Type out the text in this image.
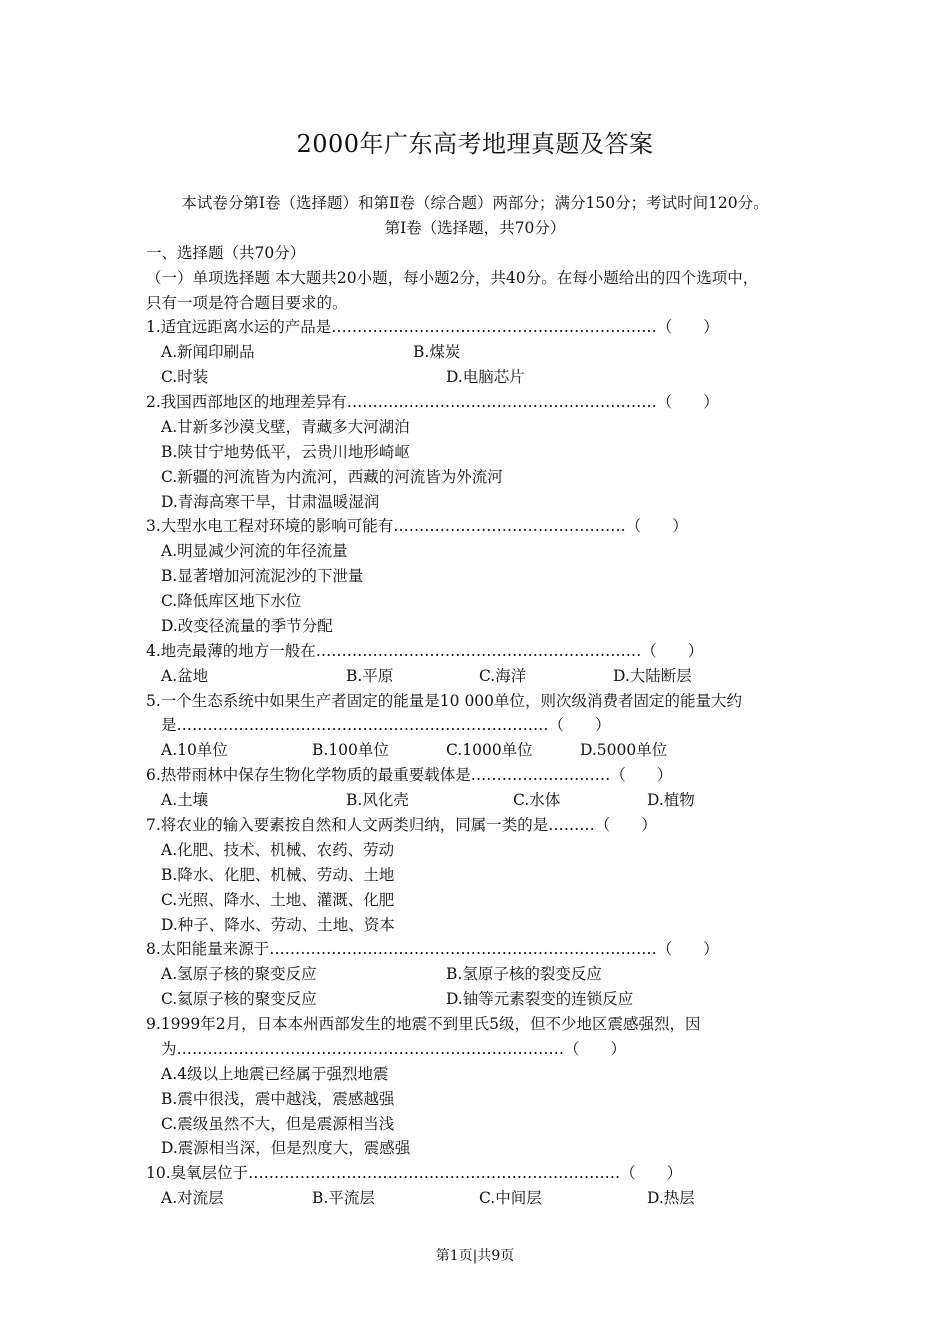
2000年广东高考地理真题及答案
本试卷分第Ⅰ卷（选择题）和第Ⅱ卷（综合题）两部分；满分150分；考试时间120分。
第Ⅰ卷（选择题，共70分）
一、选择题（共70分）
（一）单项选择题 本大题共20小题，每小题2分，共40分。在每小题给出的四个选项中，
只有一项是符合题目要求的。
1.适宜远距离水运的产品是………………………………………………………（　　）
A.新闻印刷品	B.煤炭
C.时装	D.电脑芯片
2.我国西部地区的地理差异有……………………………………………………（　　）
A.甘新多沙漠戈壁，青藏多大河湖泊
B.陕甘宁地势低平，云贵川地形崎岖
C.新疆的河流皆为内流河，西藏的河流皆为外流河
D.青海高寒干旱，甘肃温暖湿润
3.大型水电工程对环境的影响可能有………………………………………（　　）
A.明显减少河流的年径流量
B.显著增加河流泥沙的下泄量
C.降低库区地下水位
D.改变径流量的季节分配
4.地壳最薄的地方一般在………………………………………………………（　　）
A.盆地	B.平原	C.海洋	D.大陆断层
5.一个生态系统中如果生产者固定的能量是10 000单位，则次级消费者固定的能量大约
是………………………………………………………………（　　）
A.10单位	B.100单位	C.1000单位	D.5000单位
6.热带雨林中保存生物化学物质的最重要载体是………………………（　　）
A.土壤	B.风化壳	C.水体	D.植物
7.将农业的输入要素按自然和人文两类归纳，同属一类的是………（　　）
A.化肥、技术、机械、农药、劳动
B.降水、化肥、机械、劳动、土地
C.光照、降水、土地、灌溉、化肥
D.种子、降水、劳动、土地、资本
8.太阳能量来源于…………………………………………………………………（　　）
A.氢原子核的聚变反应	B.氢原子核的裂变反应
C.氦原子核的聚变反应	D.铀等元素裂变的连锁反应
9.1999年2月，日本本州西部发生的地震不到里氏5级，但不少地区震感强烈，因
为…………………………………………………………………（　　）
A.4级以上地震已经属于强烈地震
B.震中很浅，震中越浅，震感越强
C.震级虽然不大，但是震源相当浅
D.震源相当深，但是烈度大，震感强
10.臭氧层位于………………………………………………………………（　　）
A.对流层	B.平流层	C.中间层	D.热层
第1页|共9页
